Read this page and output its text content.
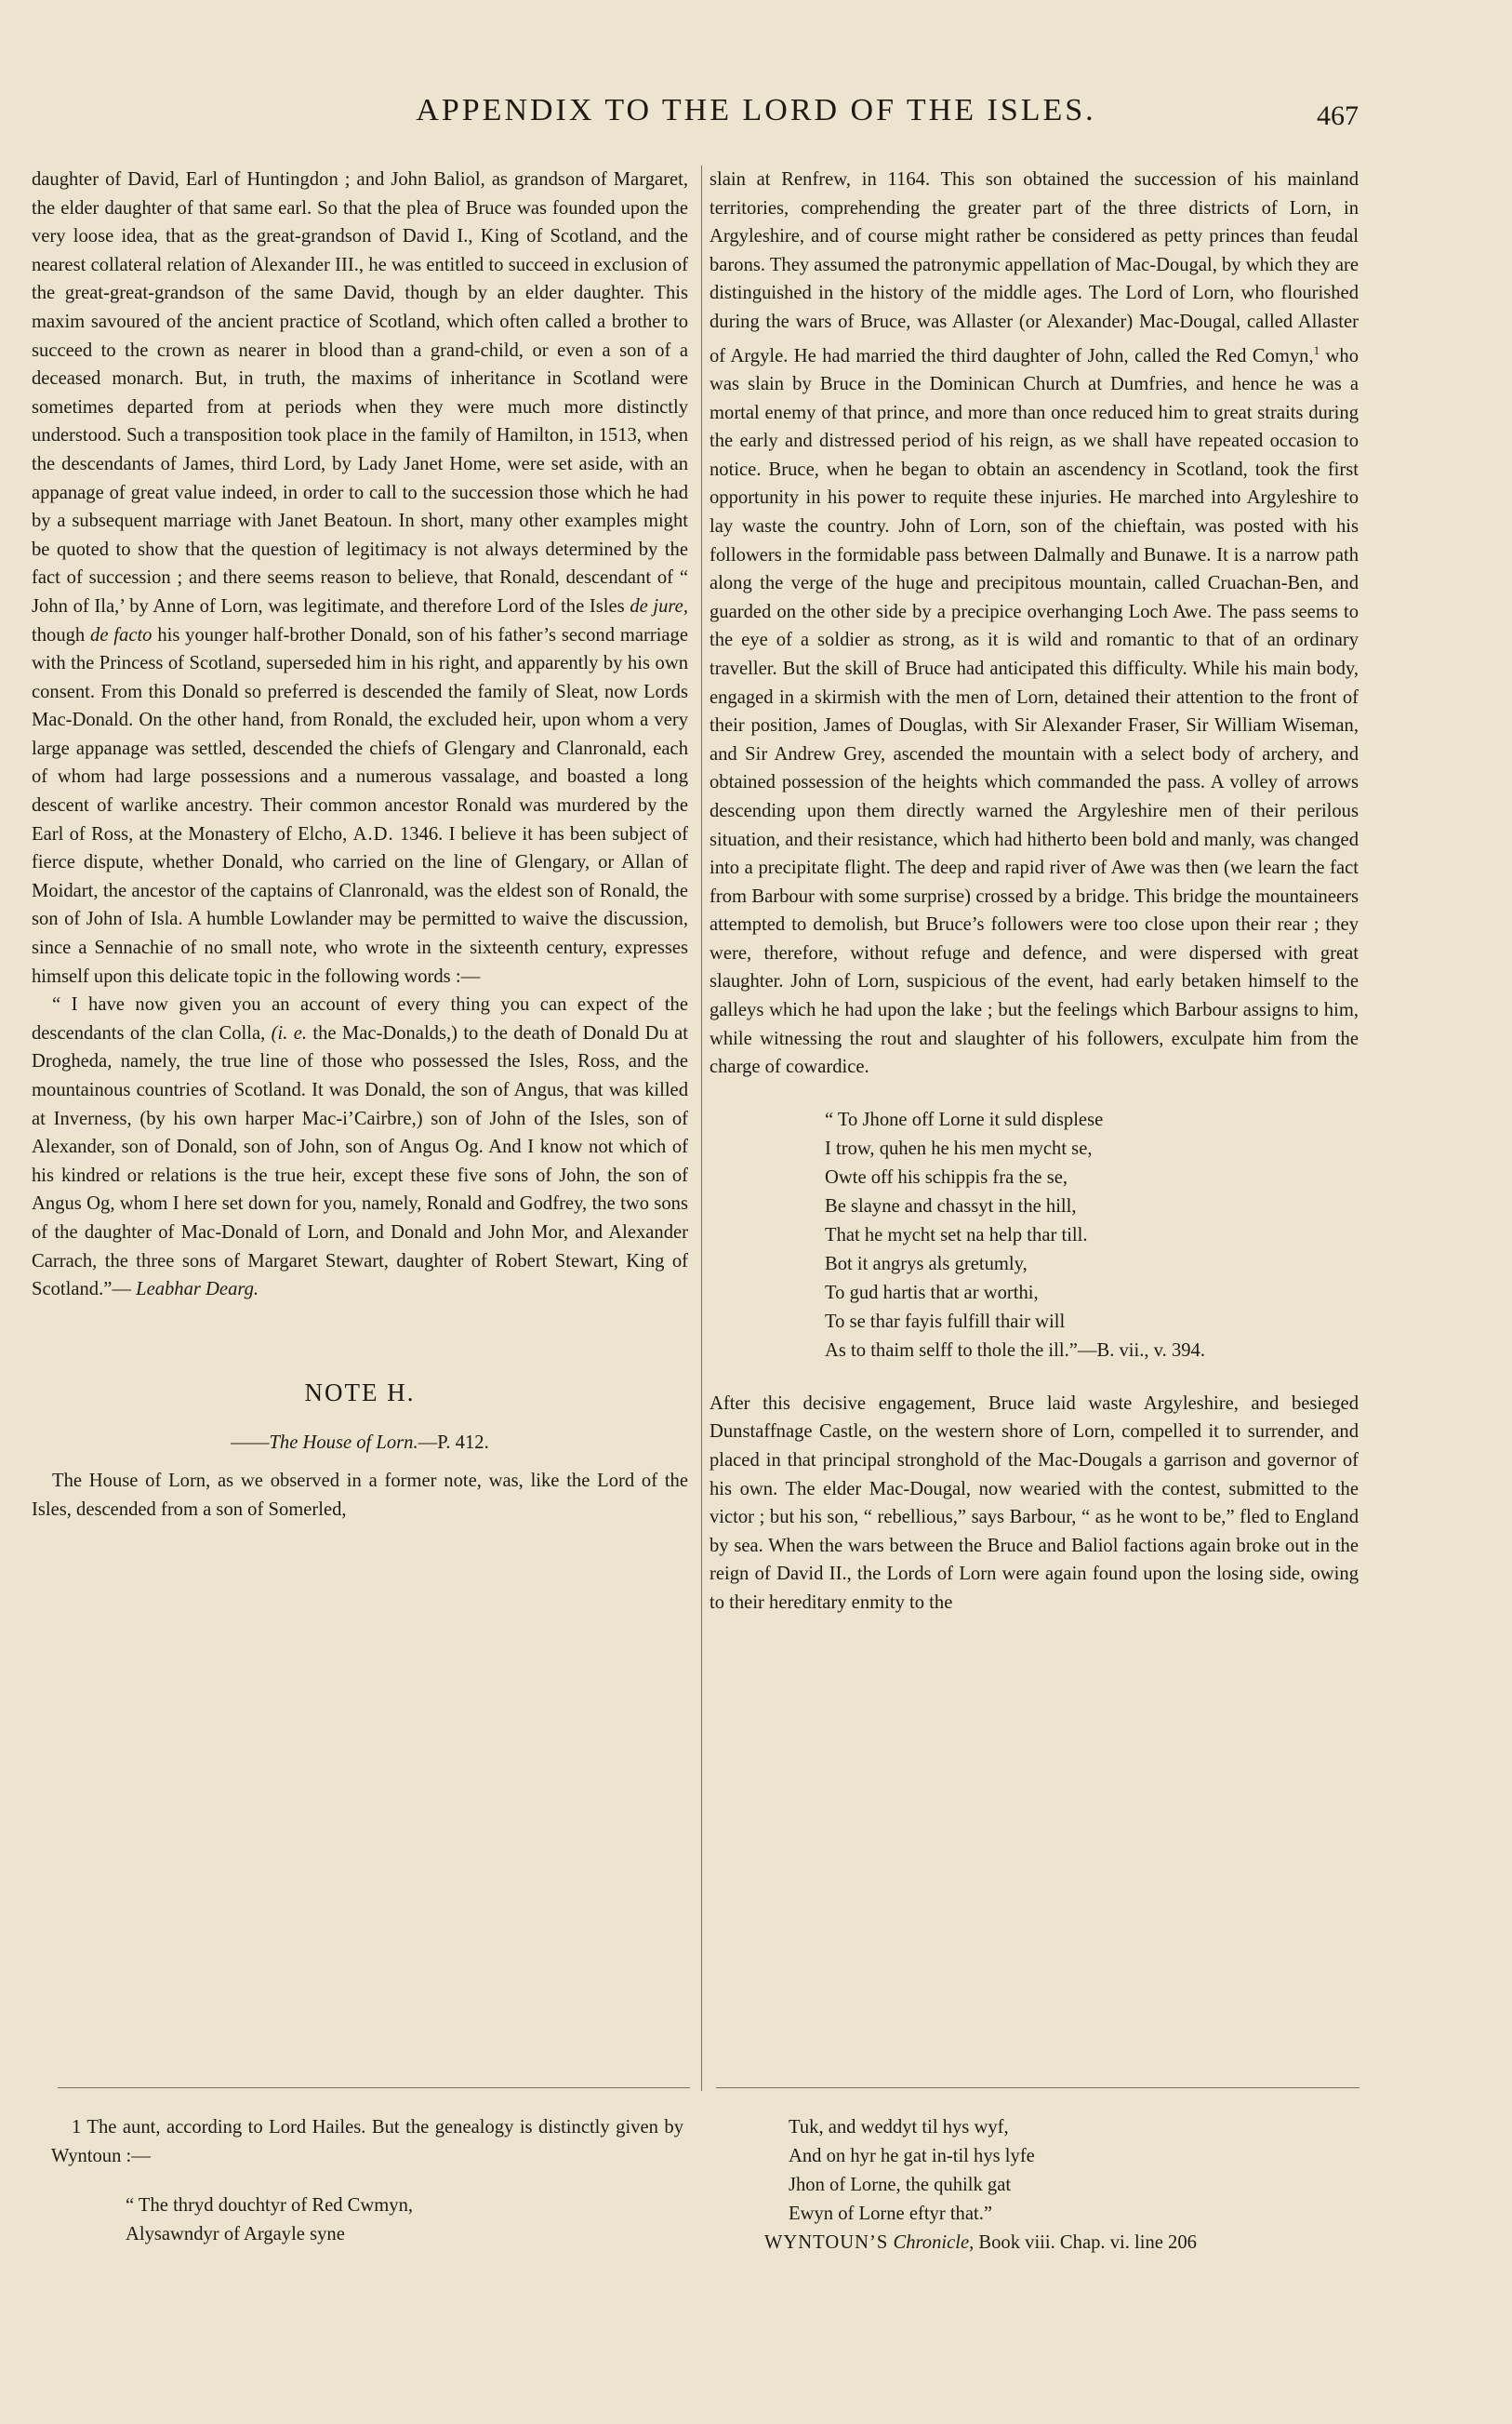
APPENDIX TO THE LORD OF THE ISLES.	467

daughter of David, Earl of Huntingdon ; and John Baliol, as grandson of Margaret, the elder daughter of that same earl. So that the plea of Bruce was founded upon the very loose idea, that as the great-grandson of David I., King of Scotland, and the nearest collateral relation of Alexander III., he was entitled to succeed in exclusion of the great-great-grandson of the same David, though by an elder daughter. This maxim savoured of the ancient practice of Scotland, which often called a brother to succeed to the crown as nearer in blood than a grand-child, or even a son of a deceased monarch. But, in truth, the maxims of inheritance in Scotland were sometimes departed from at periods when they were much more distinctly understood. Such a transposition took place in the family of Hamilton, in 1513, when the descendants of James, third Lord, by Lady Janet Home, were set aside, with an appanage of great value indeed, in order to call to the succession those which he had by a subsequent marriage with Janet Beatoun. In short, many other examples might be quoted to show that the question of legitimacy is not always determined by the fact of succession ; and there seems reason to believe, that Ronald, descendant of “ John of Ila,’ by Anne of Lorn, was legitimate, and therefore Lord of the Isles de jure, though de facto his younger half-brother Donald, son of his father’s second marriage with the Princess of Scotland, superseded him in his right, and apparently by his own consent. From this Donald so preferred is descended the family of Sleat, now Lords Mac-Donald. On the other hand, from Ronald, the excluded heir, upon whom a very large appanage was settled, descended the chiefs of Glengary and Clanronald, each of whom had large possessions and a numerous vassalage, and boasted a long descent of warlike ancestry. Their common ancestor Ronald was murdered by the Earl of Ross, at the Monastery of Elcho, A.D. 1346. I believe it has been subject of fierce dispute, whether Donald, who carried on the line of Glengary, or Allan of Moidart, the ancestor of the captains of Clanronald, was the eldest son of Ronald, the son of John of Isla. A humble Lowlander may be permitted to waive the discussion, since a Sennachie of no small note, who wrote in the sixteenth century, expresses himself upon this delicate topic in the following words :—

“ I have now given you an account of every thing you can expect of the descendants of the clan Colla, (i. e. the Mac-Donalds,) to the death of Donald Du at Drogheda, namely, the true line of those who possessed the Isles, Ross, and the mountainous countries of Scotland. It was Donald, the son of Angus, that was killed at Inverness, (by his own harper Mac-i’Cairbre,) son of John of the Isles, son of Alexander, son of Donald, son of John, son of Angus Og. And I know not which of his kindred or relations is the true heir, except these five sons of John, the son of Angus Og, whom I here set down for you, namely, Ronald and Godfrey, the two sons of the daughter of Mac-Donald of Lorn, and Donald and John Mor, and Alexander Carrach, the three sons of Margaret Stewart, daughter of Robert Stewart, King of Scotland.”— Leabhar Dearg.

NOTE H.

——The House of Lorn.—P. 412.

The House of Lorn, as we observed in a former note, was, like the Lord of the Isles, descended from a son of Somerled,

slain at Renfrew, in 1164. This son obtained the succession of his mainland territories, comprehending the greater part of the three districts of Lorn, in Argyleshire, and of course might rather be considered as petty princes than feudal barons. They assumed the patronymic appellation of Mac-Dougal, by which they are distinguished in the history of the middle ages. The Lord of Lorn, who flourished during the wars of Bruce, was Allaster (or Alexander) Mac-Dougal, called Allaster of Argyle. He had married the third daughter of John, called the Red Comyn,$^1$ who was slain by Bruce in the Dominican Church at Dumfries, and hence he was a mortal enemy of that prince, and more than once reduced him to great straits during the early and distressed period of his reign, as we shall have repeated occasion to notice. Bruce, when he began to obtain an ascendency in Scotland, took the first opportunity in his power to requite these injuries. He marched into Argyleshire to lay waste the country. John of Lorn, son of the chieftain, was posted with his followers in the formidable pass between Dalmally and Bunawe. It is a narrow path along the verge of the huge and precipitous mountain, called Cruachan-Ben, and guarded on the other side by a precipice overhanging Loch Awe. The pass seems to the eye of a soldier as strong, as it is wild and romantic to that of an ordinary traveller. But the skill of Bruce had anticipated this difficulty. While his main body, engaged in a skirmish with the men of Lorn, detained their attention to the front of their position, James of Douglas, with Sir Alexander Fraser, Sir William Wiseman, and Sir Andrew Grey, ascended the mountain with a select body of archery, and obtained possession of the heights which commanded the pass. A volley of arrows descending upon them directly warned the Argyleshire men of their perilous situation, and their resistance, which had hitherto been bold and manly, was changed into a precipitate flight. The deep and rapid river of Awe was then (we learn the fact from Barbour with some surprise) crossed by a bridge. This bridge the mountaineers attempted to demolish, but Bruce’s followers were too close upon their rear ; they were, therefore, without refuge and defence, and were dispersed with great slaughter. John of Lorn, suspicious of the event, had early betaken himself to the galleys which he had upon the lake ; but the feelings which Barbour assigns to him, while witnessing the rout and slaughter of his followers, exculpate him from the charge of cowardice.

“ To Jhone off Lorne it suld displese
I trow, quhen he his men mycht se,
Owte off his schippis fra the se,
Be slayne and chassyt in the hill,
That he mycht set na help thar till.
Bot it angrys als gretumly,
To gud hartis that ar worthi,
To se thar fayis fulfill thair will
As to thaim selff to thole the ill.”—B. vii., v. 394.

After this decisive engagement, Bruce laid waste Argyleshire, and besieged Dunstaffnage Castle, on the western shore of Lorn, compelled it to surrender, and placed in that principal stronghold of the Mac-Dougals a garrison and governor of his own. The elder Mac-Dougal, now wearied with the contest, submitted to the victor ; but his son, “ rebellious,” says Barbour, “ as he wont to be,” fled to England by sea. When the wars between the Bruce and Baliol factions again broke out in the reign of David II., the Lords of Lorn were again found upon the losing side, owing to their hereditary enmity to the

1 The aunt, according to Lord Hailes. But the genealogy is distinctly given by Wyntoun :—

“ The thryd douchtyr of Red Cwmyn,
Alysawndyr of Argayle syne
Tuk, and weddyt til hys wyf,
And on hyr he gat in-til hys lyfe
Jhon of Lorne, the quhilk gat
Ewyn of Lorne eftyr that.”
WYNTOUN’S Chronicle, Book viii. Chap. vi. line 206
